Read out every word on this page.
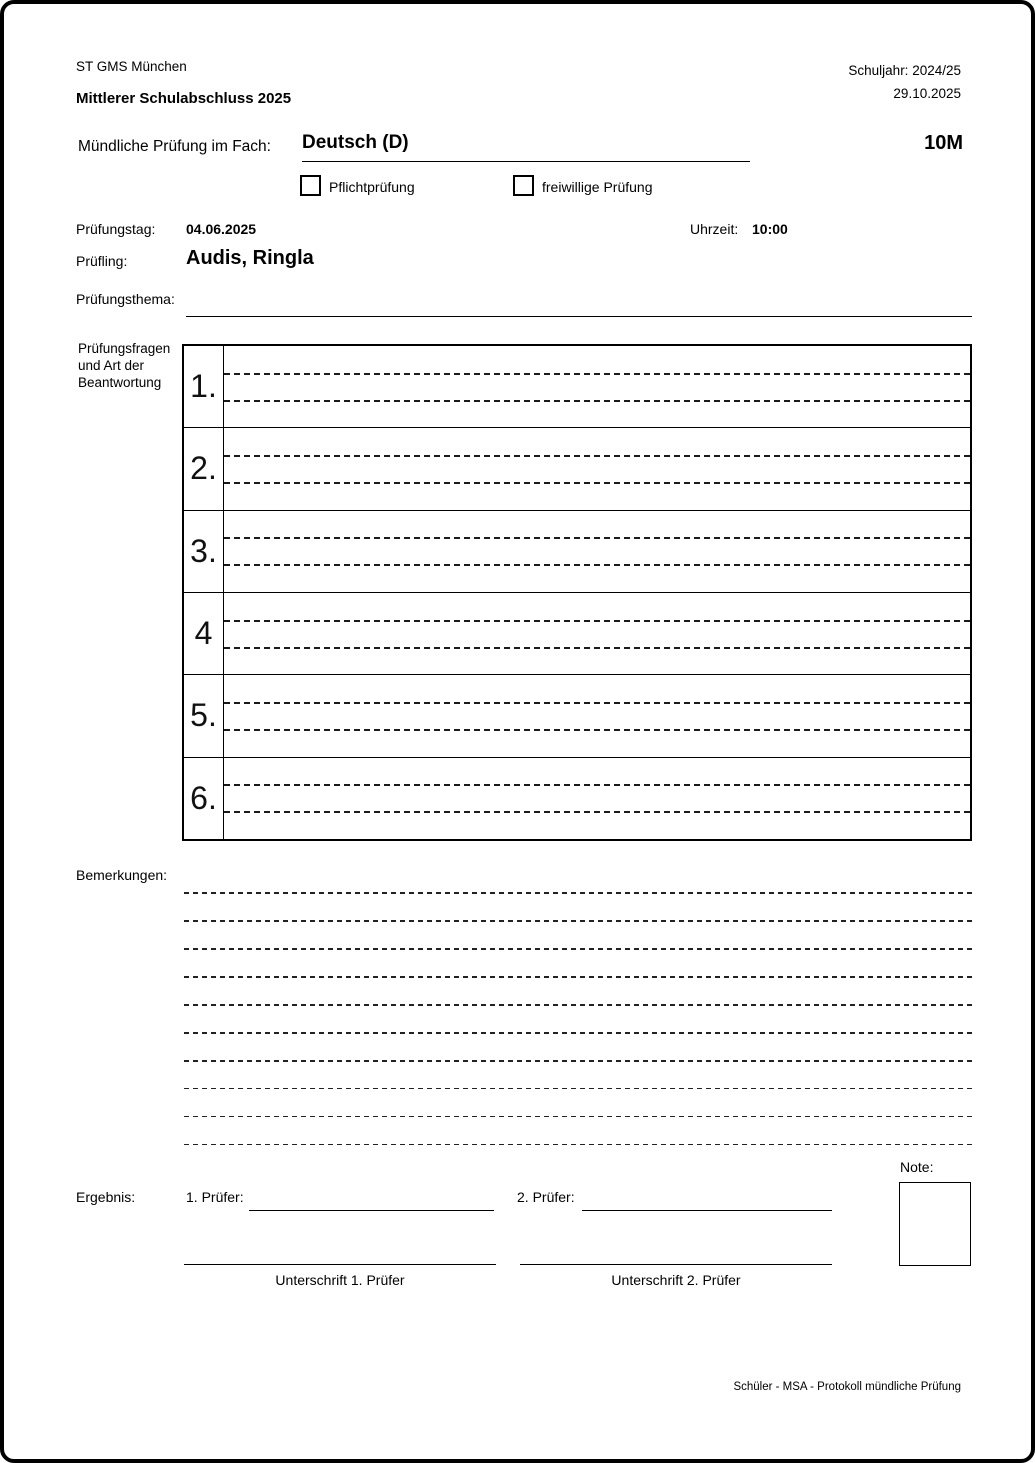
ST GMS München	Schuljahr: 2024/25
29.10.2025
Mittlerer Schulabschluss 2025
Mündliche Prüfung im Fach: Deutsch (D)	10M
Pflichtprüfung	freiwillige Prüfung
Prüfungstag: 04.06.2025	Uhrzeit: 10:00
Prüfling:	Audis, Ringla
Prüfungsthema:
Prüfungsfragen
und Art der
Beantwortung 1.
2.
3.
4
5.
6.
Bemerkungen:
Note:
Ergebnis:	1. Prüfer:	2. Prüfer:
Unterschrift 1. Prüfer	Unterschrift 2. Prüfer
Schüler - MSA - Protokoll mündliche Prüfung
